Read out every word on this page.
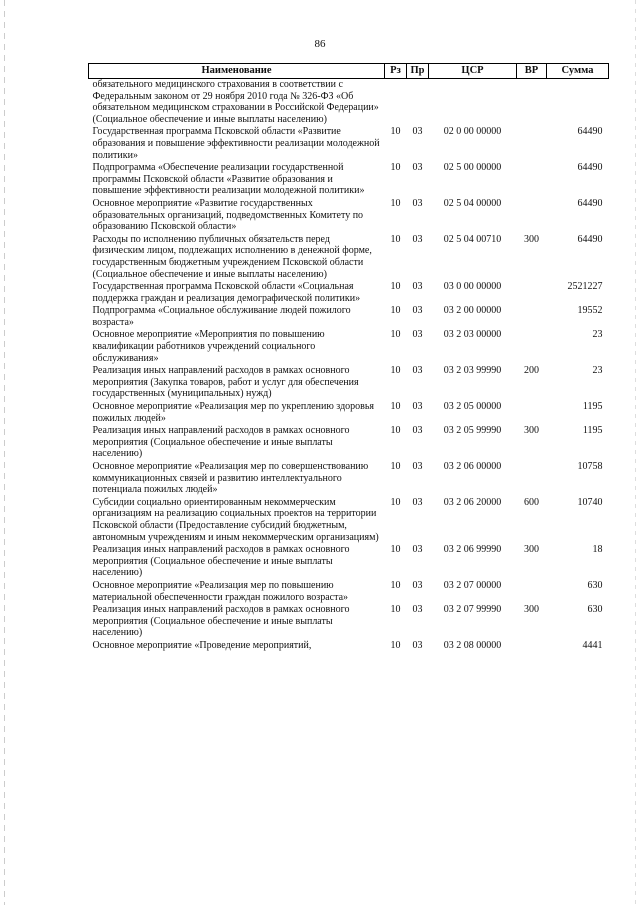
86
Наименование	Рз	Пр	ЦСР	ВР	Сумма
обязательного медицинского страхования в соответствии с Федеральным законом от 29 ноября 2010 года № 326-ФЗ «Об обязательном медицинском страховании в Российской Федерации» (Социальное обеспечение и иные выплаты населению)					
Государственная программа Псковской области «Развитие образования и повышение эффективности реализации молодежной политики»	10	03	02 0 00 00000		64490
Подпрограмма «Обеспечение реализации государственной программы Псковской области «Развитие образования и повышение эффективности реализации молодежной политики»	10	03	02 5 00 00000		64490
Основное мероприятие «Развитие государственных образовательных организаций, подведомственных Комитету по образованию Псковской области»	10	03	02 5 04 00000		64490
Расходы по исполнению публичных обязательств перед физическим лицом, подлежащих исполнению в денежной форме, государственным бюджетным учреждением Псковской области (Социальное обеспечение и иные выплаты населению)	10	03	02 5 04 00710	300	64490
Государственная программа Псковской области «Социальная поддержка граждан и реализация демографической политики»	10	03	03 0 00 00000		2521227
Подпрограмма «Социальное обслуживание людей пожилого возраста»	10	03	03 2 00 00000		19552
Основное мероприятие «Мероприятия по повышению квалификации работников учреждений социального обслуживания»	10	03	03 2 03 00000		23
Реализация иных направлений расходов в рамках основного мероприятия (Закупка товаров, работ и услуг для обеспечения государственных (муниципальных) нужд)	10	03	03 2 03 99990	200	23
Основное мероприятие «Реализация мер по укреплению здоровья пожилых людей»	10	03	03 2 05 00000		1195
Реализация иных направлений расходов в рамках основного мероприятия (Социальное обеспечение и иные выплаты населению)	10	03	03 2 05 99990	300	1195
Основное мероприятие «Реализация мер по совершенствованию коммуникационных связей и развитию интеллектуального потенциала пожилых людей»	10	03	03 2 06 00000		10758
Субсидии социально ориентированным некоммерческим организациям на реализацию социальных проектов на территории Псковской области (Предоставление субсидий бюджетным, автономным учреждениям и иным некоммерческим организациям)	10	03	03 2 06 20000	600	10740
Реализация иных направлений расходов в рамках основного мероприятия (Социальное обеспечение и иные выплаты населению)	10	03	03 2 06 99990	300	18
Основное мероприятие «Реализация мер по повышению материальной обеспеченности граждан пожилого возраста»	10	03	03 2 07 00000		630
Реализация иных направлений расходов в рамках основного мероприятия (Социальное обеспечение и иные выплаты населению)	10	03	03 2 07 99990	300	630
Основное мероприятие «Проведение мероприятий,	10	03	03 2 08 00000		4441
